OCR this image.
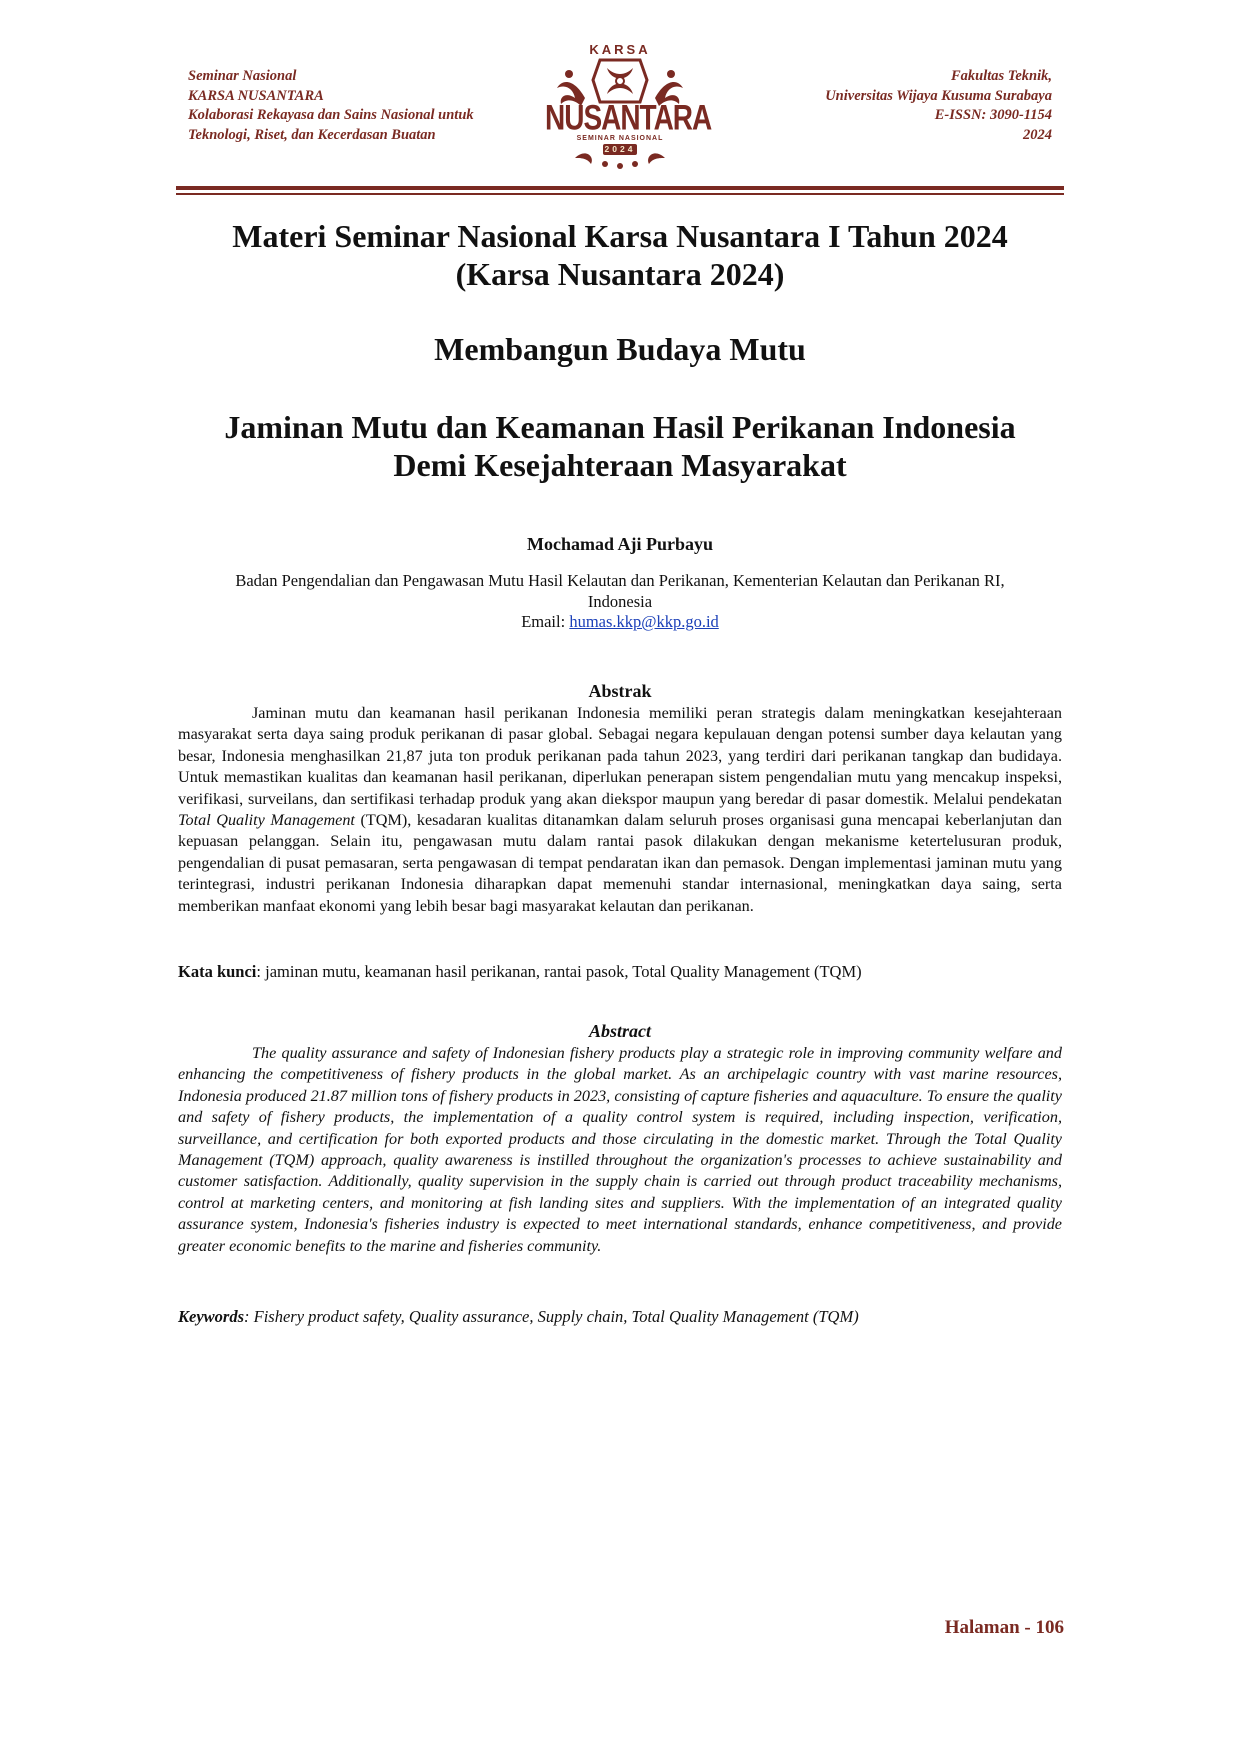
Seminar Nasional
KARSA NUSANTARA
Kolaborasi Rekayasa dan Sains Nasional untuk
Teknologi, Riset, dan Kecerdasan Buatan
KARSA
NUSANTARA
SEMINAR NASIONAL
2024
Fakultas Teknik,
Universitas Wijaya Kusuma Surabaya
E-ISSN: 3090-1154
2024
Materi Seminar Nasional Karsa Nusantara I Tahun 2024
(Karsa Nusantara 2024)
Membangun Budaya Mutu
Jaminan Mutu dan Keamanan Hasil Perikanan Indonesia
Demi Kesejahteraan Masyarakat
Mochamad Aji Purbayu
Badan Pengendalian dan Pengawasan Mutu Hasil Kelautan dan Perikanan, Kementerian Kelautan dan Perikanan RI,
Indonesia
Email: humas.kkp@kkp.go.id
Abstrak

Jaminan mutu dan keamanan hasil perikanan Indonesia memiliki peran strategis dalam meningkatkan kesejahteraan masyarakat serta daya saing produk perikanan di pasar global. Sebagai negara kepulauan dengan potensi sumber daya kelautan yang besar, Indonesia menghasilkan 21,87 juta ton produk perikanan pada tahun 2023, yang terdiri dari perikanan tangkap dan budidaya. Untuk memastikan kualitas dan keamanan hasil perikanan, diperlukan penerapan sistem pengendalian mutu yang mencakup inspeksi, verifikasi, surveilans, dan sertifikasi terhadap produk yang akan diekspor maupun yang beredar di pasar domestik. Melalui pendekatan Total Quality Management (TQM), kesadaran kualitas ditanamkan dalam seluruh proses organisasi guna mencapai keberlanjutan dan kepuasan pelanggan. Selain itu, pengawasan mutu dalam rantai pasok dilakukan dengan mekanisme ketertelusuran produk, pengendalian di pusat pemasaran, serta pengawasan di tempat pendaratan ikan dan pemasok. Dengan implementasi jaminan mutu yang terintegrasi, industri perikanan Indonesia diharapkan dapat memenuhi standar internasional, meningkatkan daya saing, serta memberikan manfaat ekonomi yang lebih besar bagi masyarakat kelautan dan perikanan.

Kata kunci: jaminan mutu, keamanan hasil perikanan, rantai pasok, Total Quality Management (TQM)
Abstract

The quality assurance and safety of Indonesian fishery products play a strategic role in improving community welfare and enhancing the competitiveness of fishery products in the global market. As an archipelagic country with vast marine resources, Indonesia produced 21.87 million tons of fishery products in 2023, consisting of capture fisheries and aquaculture. To ensure the quality and safety of fishery products, the implementation of a quality control system is required, including inspection, verification, surveillance, and certification for both exported products and those circulating in the domestic market. Through the Total Quality Management (TQM) approach, quality awareness is instilled throughout the organization's processes to achieve sustainability and customer satisfaction. Additionally, quality supervision in the supply chain is carried out through product traceability mechanisms, control at marketing centers, and monitoring at fish landing sites and suppliers. With the implementation of an integrated quality assurance system, Indonesia's fisheries industry is expected to meet international standards, enhance competitiveness, and provide greater economic benefits to the marine and fisheries community.

Keywords: Fishery product safety, Quality assurance, Supply chain, Total Quality Management (TQM)
Halaman - 106
